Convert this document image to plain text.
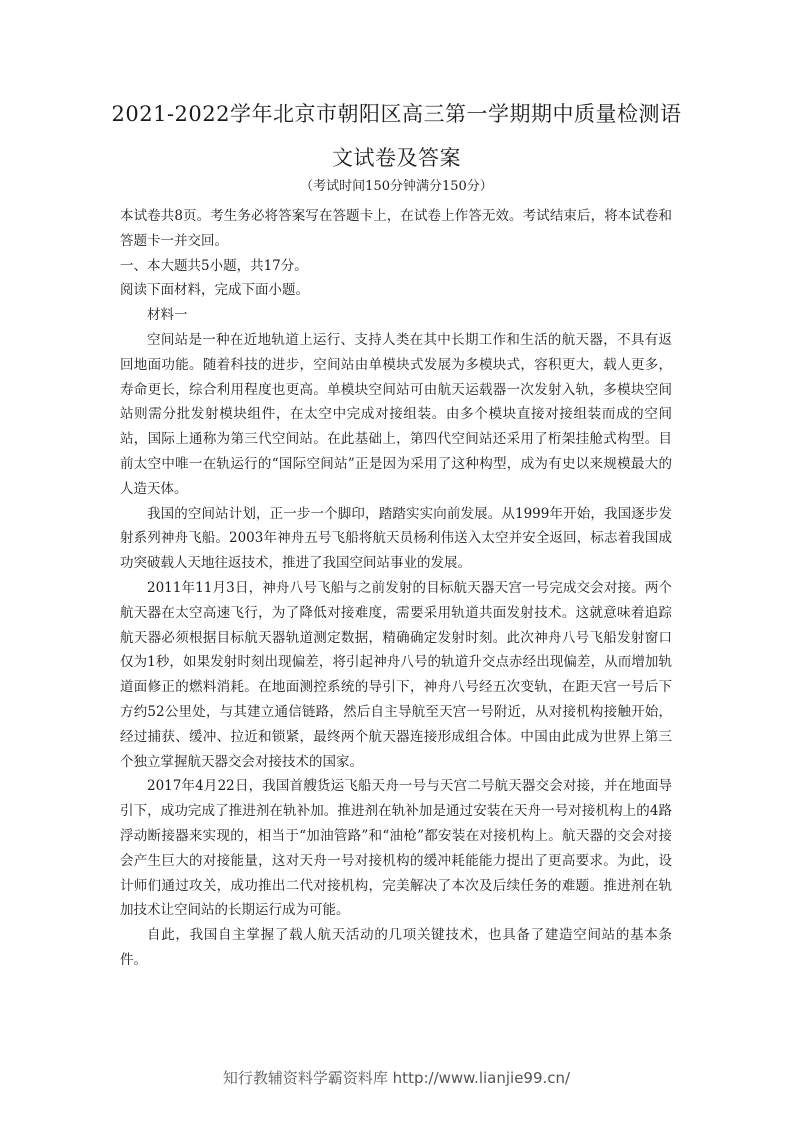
2021-2022学年北京市朝阳区高三第一学期期中质量检测语
文试卷及答案
（考试时间150分钟满分150分）

本试卷共8页。考生务必将答案写在答题卡上，在试卷上作答无效。考试结束后，将本试卷和答题卡一并交回。

一、本大题共5小题，共17分。

阅读下面材料，完成下面小题。

材料一

空间站是一种在近地轨道上运行、支持人类在其中长期工作和生活的航天器，不具有返回地面功能。随着科技的进步，空间站由单模块式发展为多模块式，容积更大，载人更多，寿命更长，综合利用程度也更高。单模块空间站可由航天运载器一次发射入轨，多模块空间站则需分批发射模块组件，在太空中完成对接组装。由多个模块直接对接组装而成的空间站，国际上通称为第三代空间站。在此基础上，第四代空间站还采用了桁架挂舱式构型。目前太空中唯一在轨运行的“国际空间站”正是因为采用了这种构型，成为有史以来规模最大的人造天体。

我国的空间站计划，正一步一个脚印，踏踏实实向前发展。从1999年开始，我国逐步发射系列神舟飞船。2003年神舟五号飞船将航天员杨利伟送入太空并安全返回，标志着我国成功突破载人天地往返技术，推进了我国空间站事业的发展。

2011年11月3日，神舟八号飞船与之前发射的目标航天器天宫一号完成交会对接。两个航天器在太空高速飞行，为了降低对接难度，需要采用轨道共面发射技术。这就意味着追踪航天器必须根据目标航天器轨道测定数据，精确确定发射时刻。此次神舟八号飞船发射窗口仅为1秒，如果发射时刻出现偏差，将引起神舟八号的轨道升交点赤经出现偏差，从而增加轨道面修正的燃料消耗。在地面测控系统的导引下，神舟八号经五次变轨，在距天宫一号后下方约52公里处，与其建立通信链路，然后自主导航至天宫一号附近，从对接机构接触开始，经过捕获、缓冲、拉近和锁紧，最终两个航天器连接形成组合体。中国由此成为世界上第三个独立掌握航天器交会对接技术的国家。

2017年4月22日，我国首艘货运飞船天舟一号与天宫二号航天器交会对接，并在地面导引下，成功完成了推进剂在轨补加。推进剂在轨补加是通过安装在天舟一号对接机构上的4路浮动断接器来实现的，相当于“加油管路”和“油枪”都安装在对接机构上。航天器的交会对接会产生巨大的对接能量，这对天舟一号对接机构的缓冲耗能能力提出了更高要求。为此，设计师们通过攻关，成功推出二代对接机构，完美解决了本次及后续任务的难题。推进剂在轨加技术让空间站的长期运行成为可能。

自此，我国自主掌握了载人航天活动的几项关键技术，也具备了建造空间站的基本条件。

知行教辅资料学霸资料库 http://www.lianjie99.cn/
